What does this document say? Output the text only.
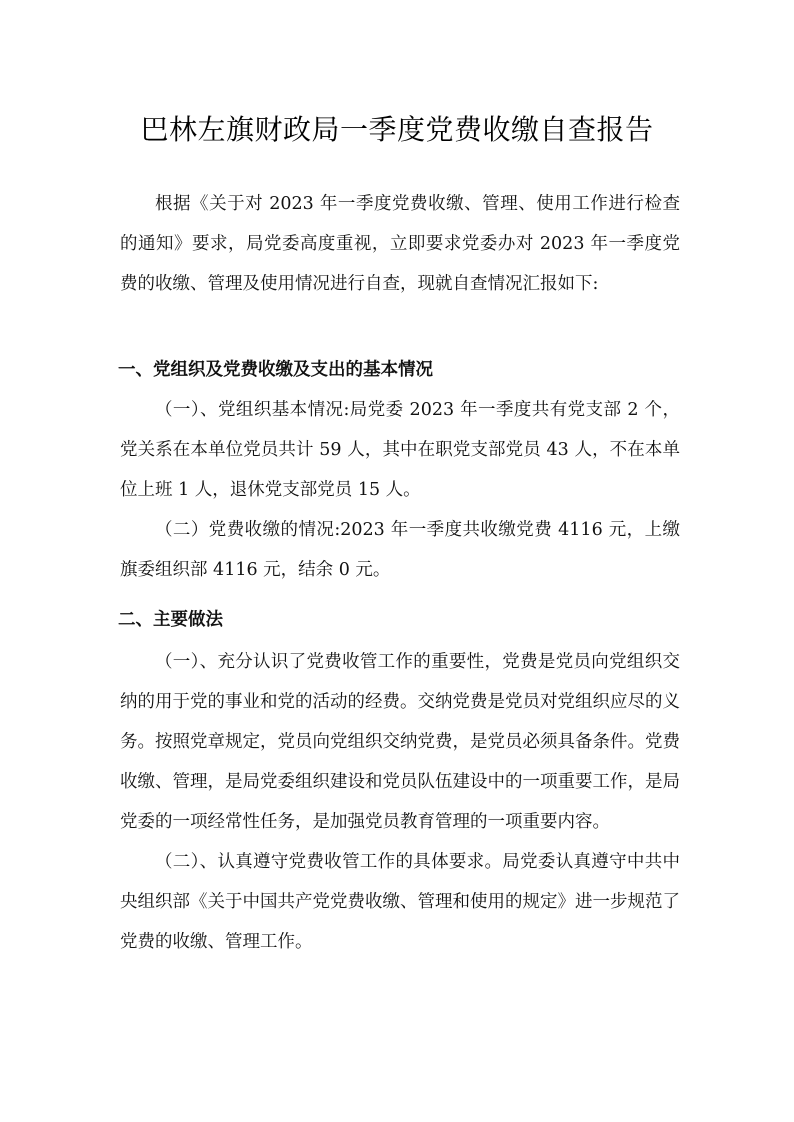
巴林左旗财政局一季度党费收缴自查报告

根据《关于对 2023 年一季度党费收缴、管理、使用工作进行检查的通知》要求，局党委高度重视，立即要求党委办对 2023 年一季度党费的收缴、管理及使用情况进行自查，现就自查情况汇报如下:

一、党组织及党费收缴及支出的基本情况

（一）、党组织基本情况:局党委 2023 年一季度共有党支部 2 个，党关系在本单位党员共计 59 人，其中在职党支部党员 43 人，不在本单位上班 1 人，退休党支部党员 15 人。

（二）党费收缴的情况:2023 年一季度共收缴党费 4116 元，上缴旗委组织部 4116 元，结余 0 元。

二、主要做法

（一）、充分认识了党费收管工作的重要性，党费是党员向党组织交纳的用于党的事业和党的活动的经费。交纳党费是党员对党组织应尽的义务。按照党章规定，党员向党组织交纳党费，是党员必须具备条件。党费收缴、管理，是局党委组织建设和党员队伍建设中的一项重要工作，是局党委的一项经常性任务，是加强党员教育管理的一项重要内容。

（二）、认真遵守党费收管工作的具体要求。局党委认真遵守中共中央组织部《关于中国共产党党费收缴、管理和使用的规定》进一步规范了党费的收缴、管理工作。
